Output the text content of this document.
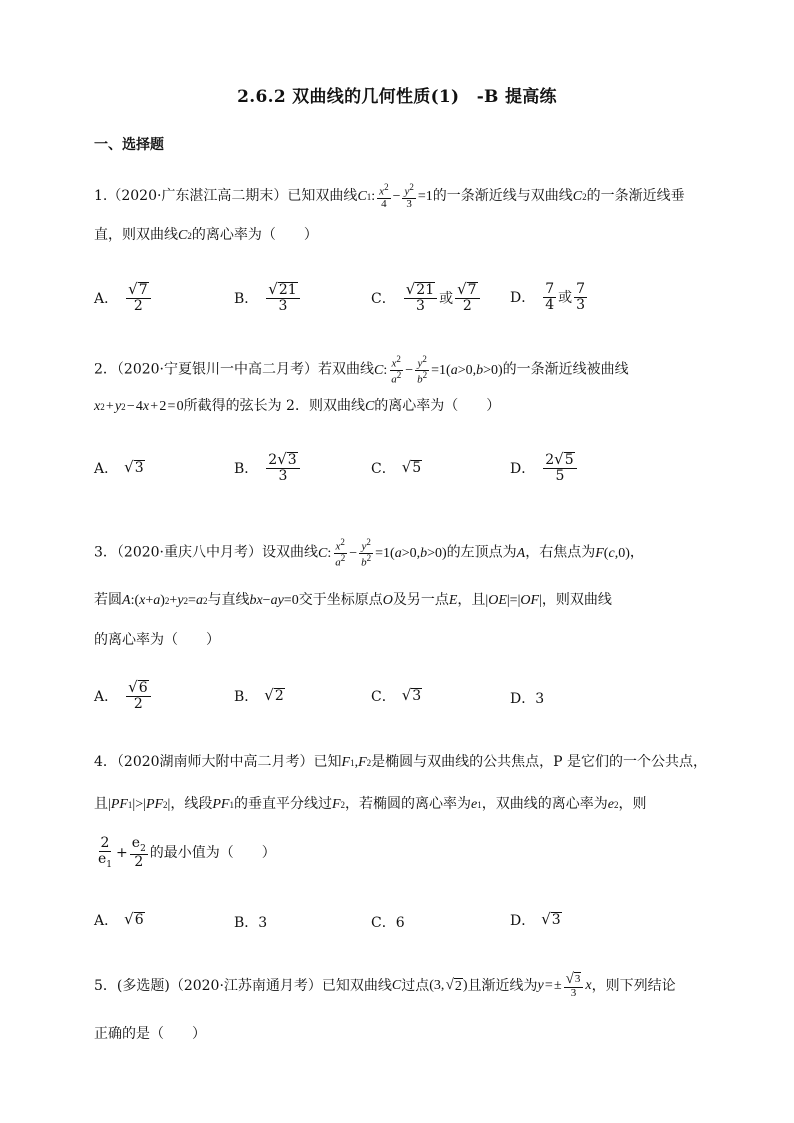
2.6.2 双曲线的几何性质(1)　-B 提高练
一、选择题
1.（2020·广东湛江高二期末）已知双曲线 C 1 : $\frac{x^2}{4} - \frac{y^2}{3} =1$的一条渐近线与双曲线 C 2 的一条渐近线垂
直，则双曲线 C 2 的离心率为（　　）
A． $\frac{√ 7}{2}$	B． $\frac{√ 21}{3}$	C． $\frac{√ 21}{3}$ 或 $\frac{√ 7}{2}$ D． $\frac{7}{4}$ 或 $\frac{7}{3}$
2．（2020·宁夏银川一中高二月考）若双曲线 C : $\frac{x^2}{a^2} - \frac{y^2}{b^2} =1$( a >0, b >0)的一条渐近线被曲线
x 2  +  y 2  − 4 x  + 2 = 0所截得的弦长为 2．则双曲线 C 的离心率为（　　）
A． √ 3	B． $\frac{2 √ 3}{3}$	C． √ 5	D． $\frac{2 √ 5}{5}$
3．（2020·重庆八中月考）设双曲线 C : $\frac{x^2}{a^2} - \frac{y^2}{b^2} =1$( a >0, b >0)的左顶点为 A ，右焦点为 F ( c ,0)，
若圆 A :( x + a ) 2 + y 2 = a 2 与直线 bx − ay =0交于坐标原点 O 及另一点 E ，且| OE |=| OF |，则双曲线
的离心率为（　　）
A． $\frac{√ 6}{2}$	B． √ 2	C． √ 3	D．3
4．（2020湖南师大附中高二月考）已知 F 1 , F 2 是椭圆与双曲线的公共焦点，P 是它们的一个公共点，
且| PF 1 |>| PF 2 |，线段 PF 1 的垂直平分线过 F 2 ，若椭圆的离心率为 e 1 ，双曲线的离心率为 e 2 ，则
$\frac{2}{e_1} + \frac{e_2}{2}$ 的最小值为（　　）
A． √ 6	B．3	C．6	D． √ 3
5．(多选题)（2020·江苏南通月考）已知双曲线 C 过点 (3,  √ 2 ) 且渐近线为 y  = ± $\frac{√ 3}{3}$ x ，则下列结论
正确的是（　　）
